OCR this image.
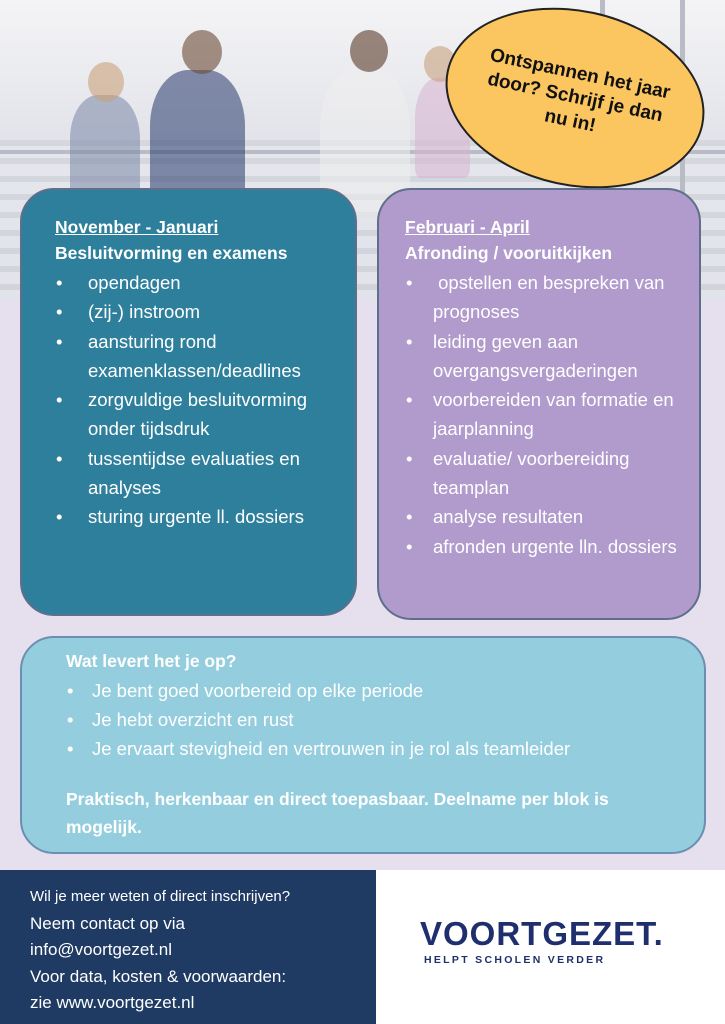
Ontspannen het jaar door? Schrijf je dan nu in!

November - Januari

Besluitvorming en examens

• opendagen
• (zij-) instroom
• aansturing rond examenklassen/deadlines
• zorgvuldige besluitvorming onder tijdsdruk
• tussentijdse evaluaties en analyses
• sturing urgente ll. dossiers

Februari - April

Afronding / vooruitkijken

• opstellen en bespreken van prognoses
• leiding geven aan overgangsvergaderingen
• voorbereiden van formatie en jaarplanning
• evaluatie/ voorbereiding teamplan
• analyse resultaten
• afronden urgente lln. dossiers

Wat levert het je op?

• Je bent goed voorbereid op elke periode
• Je hebt overzicht en rust
• Je ervaart stevigheid en vertrouwen in je rol als teamleider
Praktisch, herkenbaar en direct toepasbaar. Deelname per blok is mogelijk.
Wil je meer weten of direct inschrijven?
Neem contact op via
info@voortgezet.nl
Voor data, kosten & voorwaarden:
zie www.voortgezet.nl
VOORTGEZET.
HELPT SCHOLEN VERDER
